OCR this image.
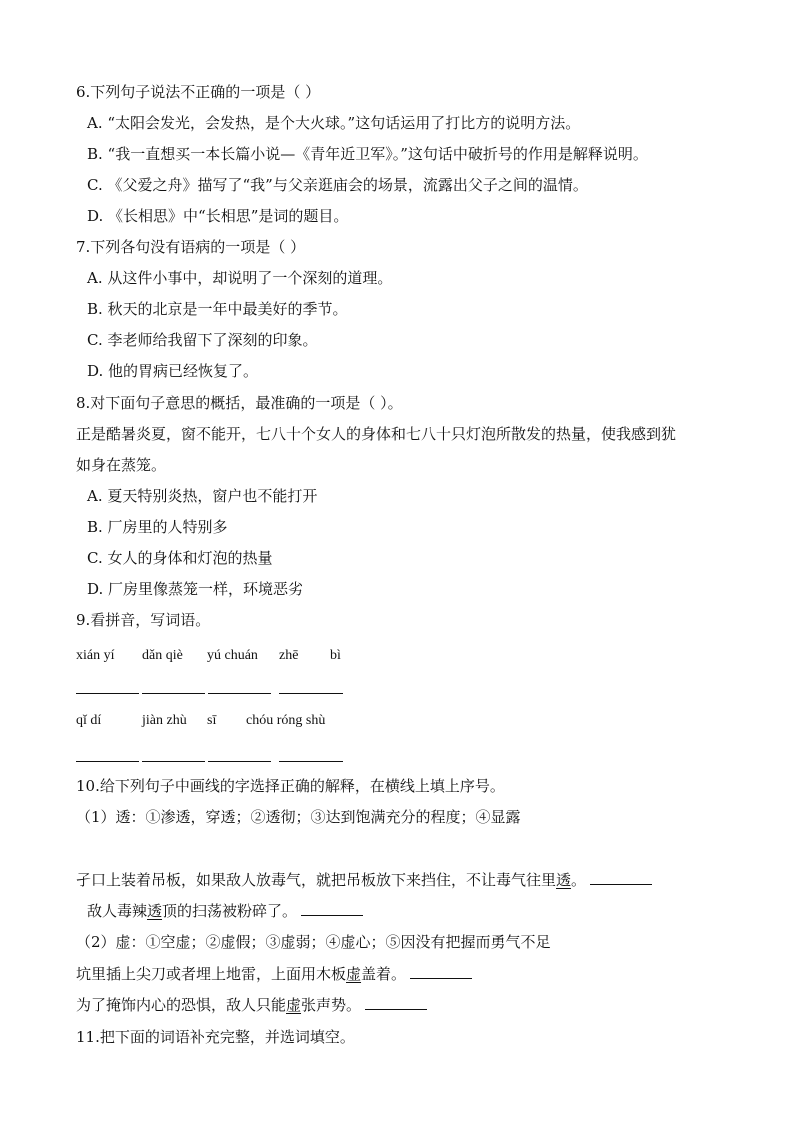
6.下列句子说法不正确的一项是（ ）
A. “太阳会发光，会发热，是个大火球。”这句话运用了打比方的说明方法。
B. “我一直想买一本长篇小说—《青年近卫军》。”这句话中破折号的作用是解释说明。
C. 《父爱之舟》描写了“我”与父亲逛庙会的场景，流露出父子之间的温情。
D. 《长相思》中“长相思”是词的题目。
7.下列各句没有语病的一项是（ ）
A. 从这件小事中，却说明了一个深刻的道理。
B. 秋天的北京是一年中最美好的季节。
C. 李老师给我留下了深刻的印象。
D. 他的胃病已经恢复了。
8.对下面句子意思的概括，最准确的一项是（ ）。
正是酷暑炎夏，窗不能开，七八十个女人的身体和七八十只灯泡所散发的热量，使我感到犹
如身在蒸笼。
A. 夏天特别炎热，窗户也不能打开
B. 厂房里的人特别多
C. 女人的身体和灯泡的热量
D. 厂房里像蒸笼一样，环境恶劣
9.看拼音，写词语。
xián yí dǎn qiè yú chuán zhē bì
qǐ dí	jiàn zhù sī chóu róng shù
10.给下列句子中画线的字选择正确的解释，在横线上填上序号。
（1）透：①渗透，穿透；②透彻；③达到饱满充分的程度；④显露
孑口上装着吊板，如果敌人放毒气，就把吊板放下来挡住，不让毒气往里透。
敌人毒辣透顶的扫荡被粉碎了。
（2）虚：①空虚；②虚假；③虚弱；④虚心；⑤因没有把握而勇气不足
坑里插上尖刀或者埋上地雷，上面用木板虚盖着。
为了掩饰内心的恐惧，敌人只能虚张声势。
11.把下面的词语补充完整，并选词填空。
